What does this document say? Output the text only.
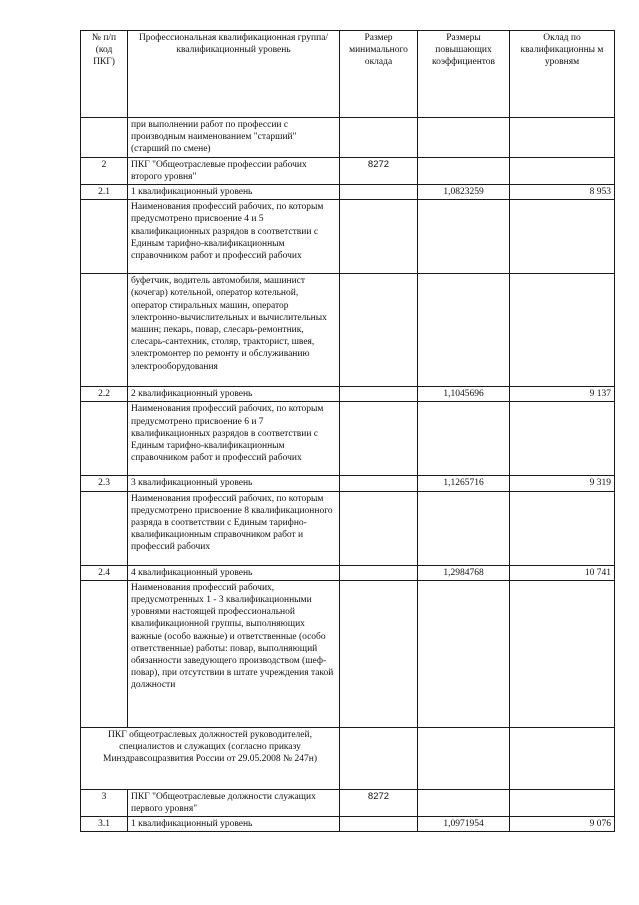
№ п/п (код ПКГ)	Профессиональная квалификационная группа/квалификационный уровень	Размер минимального оклада	Размеры повышающих коэффициентов	Оклад по квалификационны м уровням
	при выполнении работ по профессии с производным наименованием "старший" (старший по смене)			
2	ПКГ "Общеотраслевые профессии рабочих второго уровня"	8272		
2.1	1 квалификационный уровень		1,0823259	8 953
	Наименования профессий рабочих, по которым предусмотрено присвоение 4 и 5 квалификационных разрядов в соответствии с Единым тарифно-квалификационным справочником работ и профессий рабочих			
	буфетчик, водитель автомобиля, машинист (кочегар) котельной, оператор котельной, оператор стиральных машин, оператор электронно-вычислительных и вычислительных машин; пекарь, повар, слесарь-ремонтник, слесарь-сантехник, столяр, тракторист, швея, электромонтер по ремонту и обслуживанию электрооборудования			
2.2	2 квалификационный уровень		1,1045696	9 137
	Наименования профессий рабочих, по которым предусмотрено присвоение 6 и 7 квалификационных разрядов в соответствии с Единым тарифно-квалификационным справочником работ и профессий рабочих			
2.3	3 квалификационный уровень		1,1265716	9 319
	Наименования профессий рабочих, по которым предусмотрено присвоение 8 квалификационного разряда в соответствии с Единым тарифно-квалификационным справочником работ и профессий рабочих			
2.4	4 квалификационный уровень		1,2984768	10 741
	Наименования профессий рабочих, предусмотренных 1 - 3 квалификационными уровнями настоящей профессиональной квалификационной группы, выполняющих важные (особо важные) и ответственные (особо ответственные) работы: повар, выполняющий обязанности заведующего производством (шеф-повар), при отсутствии в штате учреждения такой должности			
ПКГ общеотраслевых должностей руководителей, специалистов и служащих (согласно приказу Минздравсоцразвития России от 29.05.2008 № 247н)				
3	ПКГ "Общеотраслевые должности служащих первого уровня"	8272		
3.1	1 квалификационный уровень		1,0971954	9 076
